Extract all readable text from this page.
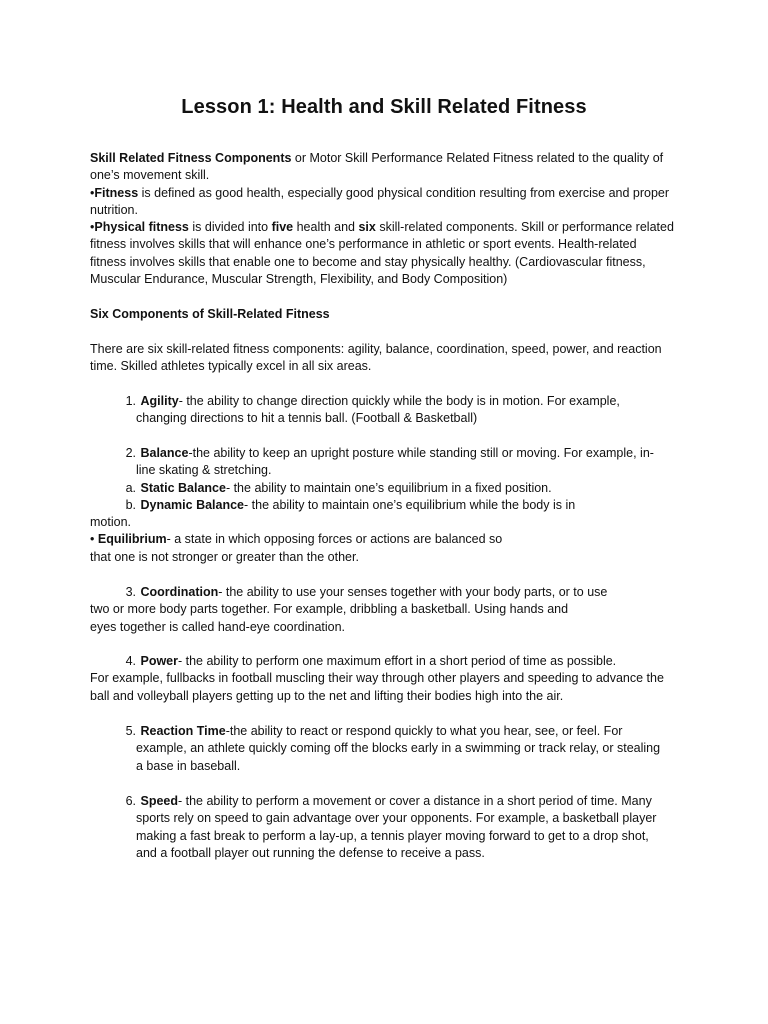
Lesson 1: Health and Skill Related Fitness

Skill Related Fitness Components or Motor Skill Performance Related Fitness related to the quality of
one’s movement skill.
•Fitness is defined as good health, especially good physical condition resulting from exercise and proper
nutrition.
•Physical fitness is divided into five health and six skill-related components. Skill or performance related
fitness involves skills that will enhance one’s performance in athletic or sport events. Health-related
fitness involves skills that enable one to become and stay physically healthy. (Cardiovascular fitness,
Muscular Endurance, Muscular Strength, Flexibility, and Body Composition)

Six Components of Skill-Related Fitness
There are six skill-related fitness components: agility, balance, coordination, speed, power, and reaction
time. Skilled athletes typically excel in all six areas.
1. Agility- the ability to change direction quickly while the body is in motion. For example,
changing directions to hit a tennis ball. (Football & Basketball)
2. Balance-the ability to keep an upright posture while standing still or moving. For example, in-
line skating & stretching.
a. Static Balance- the ability to maintain one’s equilibrium in a fixed position.
b. Dynamic Balance- the ability to maintain one’s equilibrium while the body is in
motion.
• Equilibrium- a state in which opposing forces or actions are balanced so
that one is not stronger or greater than the other.
3. Coordination- the ability to use your senses together with your body parts, or to use
two or more body parts together. For example, dribbling a basketball. Using hands and
eyes together is called hand-eye coordination.
4. Power- the ability to perform one maximum effort in a short period of time as possible.
For example, fullbacks in football muscling their way through other players and speeding to advance the
ball and volleyball players getting up to the net and lifting their bodies high into the air.
5. Reaction Time-the ability to react or respond quickly to what you hear, see, or feel. For
example, an athlete quickly coming off the blocks early in a swimming or track relay, or stealing
a base in baseball.
6. Speed- the ability to perform a movement or cover a distance in a short period of time. Many
sports rely on speed to gain advantage over your opponents. For example, a basketball player
making a fast break to perform a lay-up, a tennis player moving forward to get to a drop shot,
and a football player out running the defense to receive a pass.
